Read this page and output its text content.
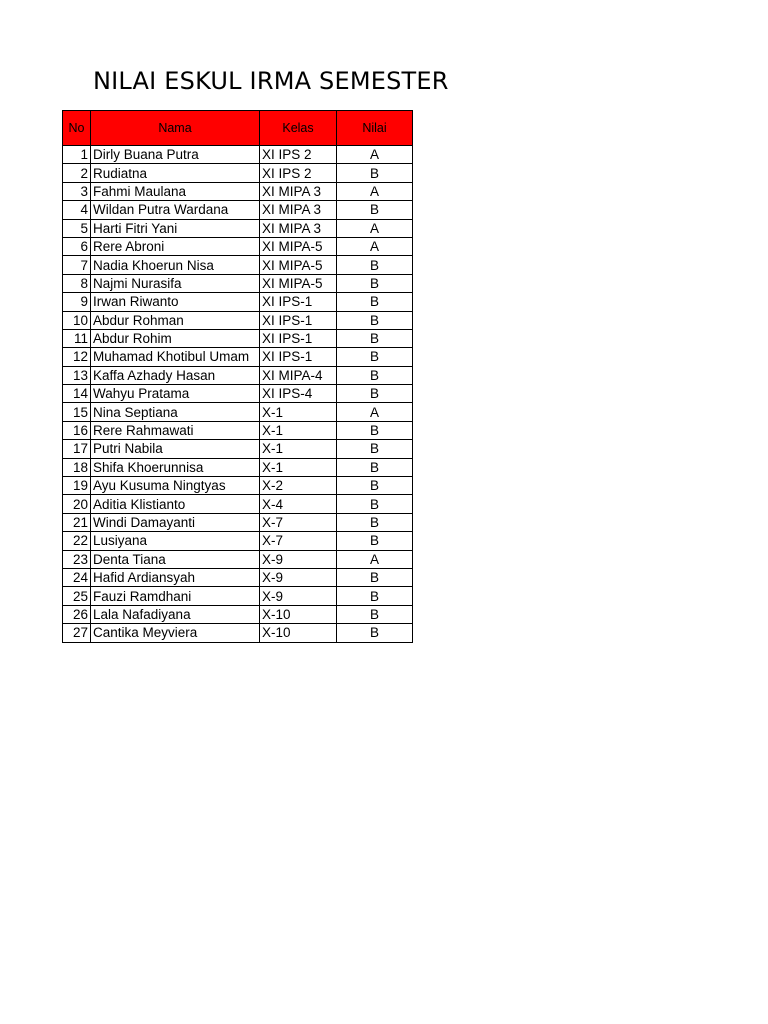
NILAI ESKUL IRMA SEMESTER
No	Nama	Kelas	Nilai
1	Dirly Buana Putra	XI IPS 2	A
2	Rudiatna	XI IPS 2	B
3	Fahmi Maulana	XI MIPA 3	A
4	Wildan Putra Wardana	XI MIPA 3	B
5	Harti Fitri Yani	XI MIPA 3	A
6	Rere Abroni	XI MIPA-5	A
7	Nadia Khoerun Nisa	XI MIPA-5	B
8	Najmi Nurasifa	XI MIPA-5	B
9	Irwan Riwanto	XI IPS-1	B
10	Abdur Rohman	XI IPS-1	B
11	Abdur Rohim	XI IPS-1	B
12	Muhamad Khotibul Umam	XI IPS-1	B
13	Kaffa Azhady Hasan	XI MIPA-4	B
14	Wahyu Pratama	XI IPS-4	B
15	Nina Septiana	X-1	A
16	Rere Rahmawati	X-1	B
17	Putri Nabila	X-1	B
18	Shifa Khoerunnisa	X-1	B
19	Ayu Kusuma Ningtyas	X-2	B
20	Aditia Klistianto	X-4	B
21	Windi Damayanti	X-7	B
22	Lusiyana	X-7	B
23	Denta Tiana	X-9	A
24	Hafid Ardiansyah	X-9	B
25	Fauzi Ramdhani	X-9	B
26	Lala Nafadiyana	X-10	B
27	Cantika Meyviera	X-10	B
